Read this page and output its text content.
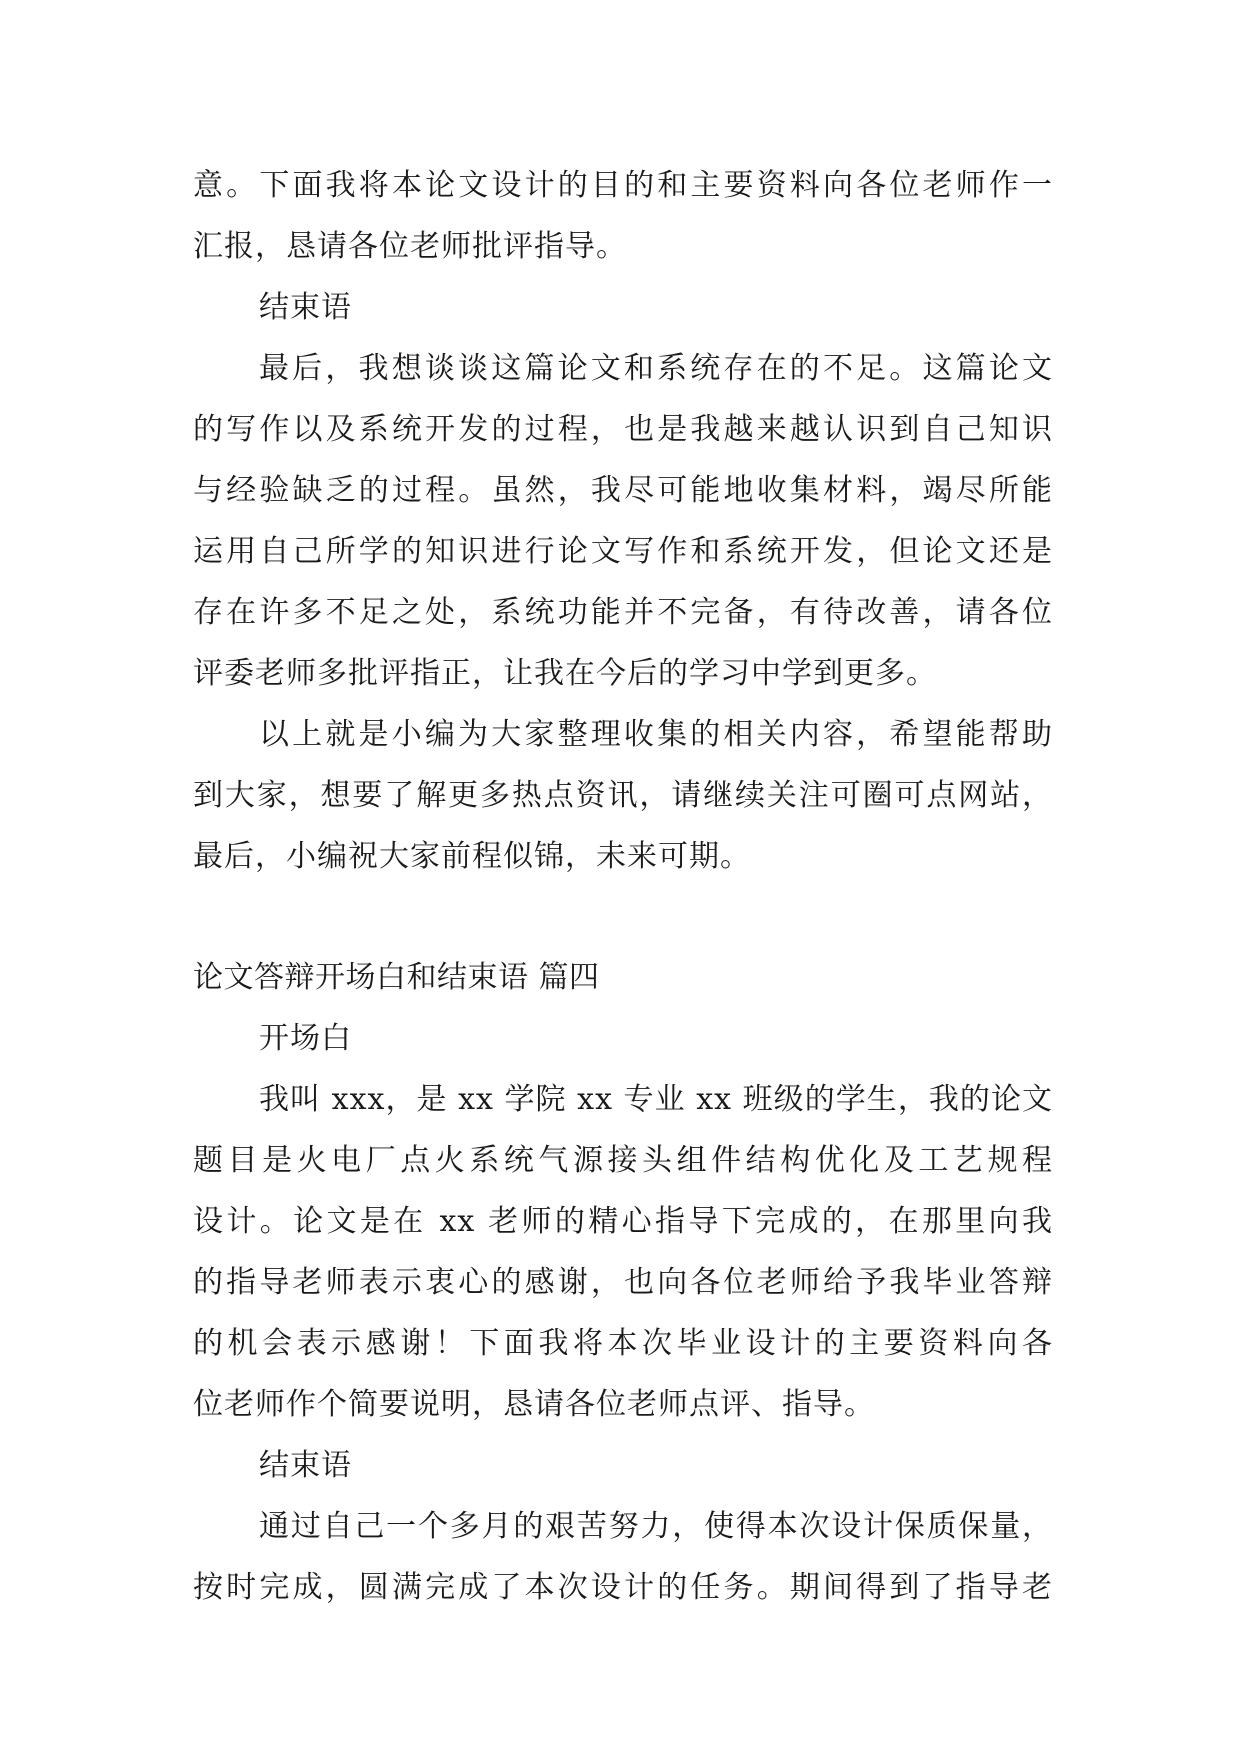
意。下面我将本论文设计的目的和主要资料向各位老师作一
汇报，恳请各位老师批评指导。
结束语
最后，我想谈谈这篇论文和系统存在的不足。这篇论文
的写作以及系统开发的过程，也是我越来越认识到自己知识
与经验缺乏的过程。虽然，我尽可能地收集材料，竭尽所能
运用自己所学的知识进行论文写作和系统开发，但论文还是
存在许多不足之处，系统功能并不完备，有待改善，请各位
评委老师多批评指正，让我在今后的学习中学到更多。
以上就是小编为大家整理收集的相关内容，希望能帮助
到大家，想要了解更多热点资讯，请继续关注可圈可点网站，
最后，小编祝大家前程似锦，未来可期。
论文答辩开场白和结束语 篇四
开场白
我叫 xxx，是 xx 学院 xx 专业 xx 班级的学生，我的论文
题目是火电厂点火系统气源接头组件结构优化及工艺规程
设计。论文是在 xx 老师的精心指导下完成的，在那里向我
的指导老师表示衷心的感谢，也向各位老师给予我毕业答辩
的机会表示感谢！下面我将本次毕业设计的主要资料向各
位老师作个简要说明，恳请各位老师点评、指导。
结束语
通过自己一个多月的艰苦努力，使得本次设计保质保量，
按时完成，圆满完成了本次设计的任务。期间得到了指导老
